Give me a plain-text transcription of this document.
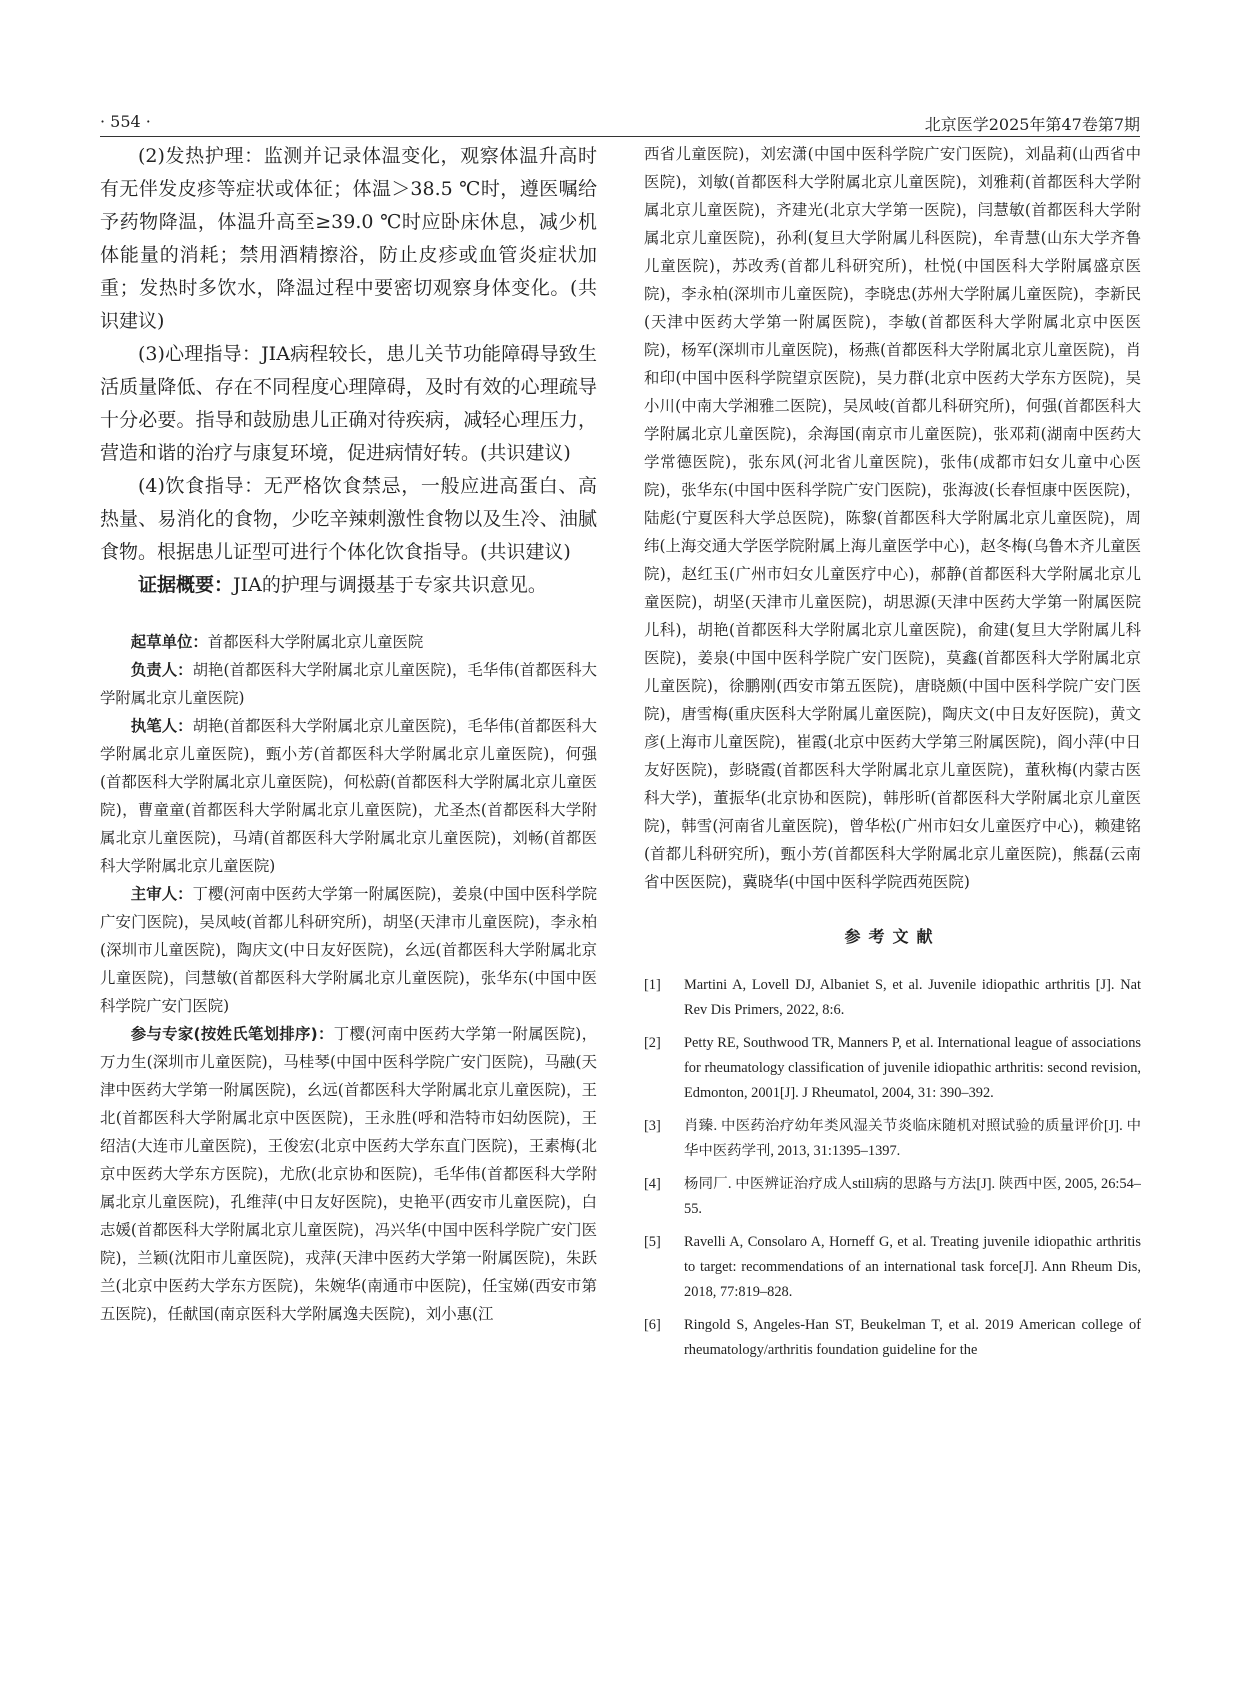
· 554 ·	北京医学2025年第47卷第7期

(2)发热护理：监测并记录体温变化，观察体温升高时有无伴发皮疹等症状或体征；体温＞38.5 ℃时，遵医嘱给予药物降温，体温升高至≥39.0 ℃时应卧床休息，减少机体能量的消耗；禁用酒精擦浴，防止皮疹或血管炎症状加重；发热时多饮水，降温过程中要密切观察身体变化。(共识建议)

(3)心理指导：JIA病程较长，患儿关节功能障碍导致生活质量降低、存在不同程度心理障碍，及时有效的心理疏导十分必要。指导和鼓励患儿正确对待疾病，减轻心理压力，营造和谐的治疗与康复环境，促进病情好转。(共识建议)

(4)饮食指导：无严格饮食禁忌，一般应进高蛋白、高热量、易消化的食物，少吃辛辣刺激性食物以及生冷、油腻食物。根据患儿证型可进行个体化饮食指导。(共识建议)

证据概要：JIA的护理与调摄基于专家共识意见。

起草单位：首都医科大学附属北京儿童医院

负责人：胡艳(首都医科大学附属北京儿童医院)，毛华伟(首都医科大学附属北京儿童医院)

执笔人：胡艳(首都医科大学附属北京儿童医院)，毛华伟(首都医科大学附属北京儿童医院)，甄小芳(首都医科大学附属北京儿童医院)，何强(首都医科大学附属北京儿童医院)，何松蔚(首都医科大学附属北京儿童医院)，曹童童(首都医科大学附属北京儿童医院)，尤圣杰(首都医科大学附属北京儿童医院)，马靖(首都医科大学附属北京儿童医院)，刘畅(首都医科大学附属北京儿童医院)

主审人：丁樱(河南中医药大学第一附属医院)，姜泉(中国中医科学院广安门医院)，吴凤岐(首都儿科研究所)，胡坚(天津市儿童医院)，李永柏(深圳市儿童医院)，陶庆文(中日友好医院)，幺远(首都医科大学附属北京儿童医院)，闫慧敏(首都医科大学附属北京儿童医院)，张华东(中国中医科学院广安门医院)

参与专家(按姓氏笔划排序)：丁樱(河南中医药大学第一附属医院)，万力生(深圳市儿童医院)，马桂琴(中国中医科学院广安门医院)，马融(天津中医药大学第一附属医院)，幺远(首都医科大学附属北京儿童医院)，王北(首都医科大学附属北京中医医院)，王永胜(呼和浩特市妇幼医院)，王绍洁(大连市儿童医院)，王俊宏(北京中医药大学东直门医院)，王素梅(北京中医药大学东方医院)，尤欣(北京协和医院)，毛华伟(首都医科大学附属北京儿童医院)，孔维萍(中日友好医院)，史艳平(西安市儿童医院)，白志媛(首都医科大学附属北京儿童医院)，冯兴华(中国中医科学院广安门医院)，兰颖(沈阳市儿童医院)，戎萍(天津中医药大学第一附属医院)，朱跃兰(北京中医药大学东方医院)，朱婉华(南通市中医院)，任宝娣(西安市第五医院)，任献国(南京医科大学附属逸夫医院)，刘小惠(江

西省儿童医院)，刘宏潇(中国中医科学院广安门医院)，刘晶莉(山西省中医院)，刘敏(首都医科大学附属北京儿童医院)，刘雅莉(首都医科大学附属北京儿童医院)，齐建光(北京大学第一医院)，闫慧敏(首都医科大学附属北京儿童医院)，孙利(复旦大学附属儿科医院)，牟青慧(山东大学齐鲁儿童医院)，苏改秀(首都儿科研究所)，杜悦(中国医科大学附属盛京医院)，李永柏(深圳市儿童医院)，李晓忠(苏州大学附属儿童医院)，李新民(天津中医药大学第一附属医院)，李敏(首都医科大学附属北京中医医院)，杨军(深圳市儿童医院)，杨燕(首都医科大学附属北京儿童医院)，肖和印(中国中医科学院望京医院)，吴力群(北京中医药大学东方医院)，吴小川(中南大学湘雅二医院)，吴凤岐(首都儿科研究所)，何强(首都医科大学附属北京儿童医院)，余海国(南京市儿童医院)，张邓莉(湖南中医药大学常德医院)，张东风(河北省儿童医院)，张伟(成都市妇女儿童中心医院)，张华东(中国中医科学院广安门医院)，张海波(长春恒康中医医院)，陆彪(宁夏医科大学总医院)，陈黎(首都医科大学附属北京儿童医院)，周纬(上海交通大学医学院附属上海儿童医学中心)，赵冬梅(乌鲁木齐儿童医院)，赵红玉(广州市妇女儿童医疗中心)，郝静(首都医科大学附属北京儿童医院)，胡坚(天津市儿童医院)，胡思源(天津中医药大学第一附属医院儿科)，胡艳(首都医科大学附属北京儿童医院)，俞建(复旦大学附属儿科医院)，姜泉(中国中医科学院广安门医院)，莫鑫(首都医科大学附属北京儿童医院)，徐鹏刚(西安市第五医院)，唐晓颇(中国中医科学院广安门医院)，唐雪梅(重庆医科大学附属儿童医院)，陶庆文(中日友好医院)，黄文彦(上海市儿童医院)，崔霞(北京中医药大学第三附属医院)，阎小萍(中日友好医院)，彭晓霞(首都医科大学附属北京儿童医院)，董秋梅(内蒙古医科大学)，董振华(北京协和医院)，韩彤昕(首都医科大学附属北京儿童医院)，韩雪(河南省儿童医院)，曾华松(广州市妇女儿童医疗中心)，赖建铭(首都儿科研究所)，甄小芳(首都医科大学附属北京儿童医院)，熊磊(云南省中医医院)，冀晓华(中国中医科学院西苑医院)

参考文献

[1] Martini A, Lovell DJ, Albaniet S, et al. Juvenile idiopathic arthritis [J]. Nat Rev Dis Primers, 2022, 8:6.

[2] Petty RE, Southwood TR, Manners P, et al. International league of associations for rheumatology classification of juvenile idiopathic arthritis: second revision, Edmonton, 2001[J]. J Rheumatol, 2004, 31: 390–392.

[3] 肖臻. 中医药治疗幼年类风湿关节炎临床随机对照试验的质量评价[J]. 中华中医药学刊, 2013, 31:1395–1397.

[4] 杨同厂. 中医辨证治疗成人still病的思路与方法[J]. 陕西中医, 2005, 26:54–55.

[5] Ravelli A, Consolaro A, Horneff G, et al. Treating juvenile idiopathic arthritis to target: recommendations of an international task force[J]. Ann Rheum Dis, 2018, 77:819–828.

[6] Ringold S, Angeles-Han ST, Beukelman T, et al. 2019 American college of rheumatology/arthritis foundation guideline for the
